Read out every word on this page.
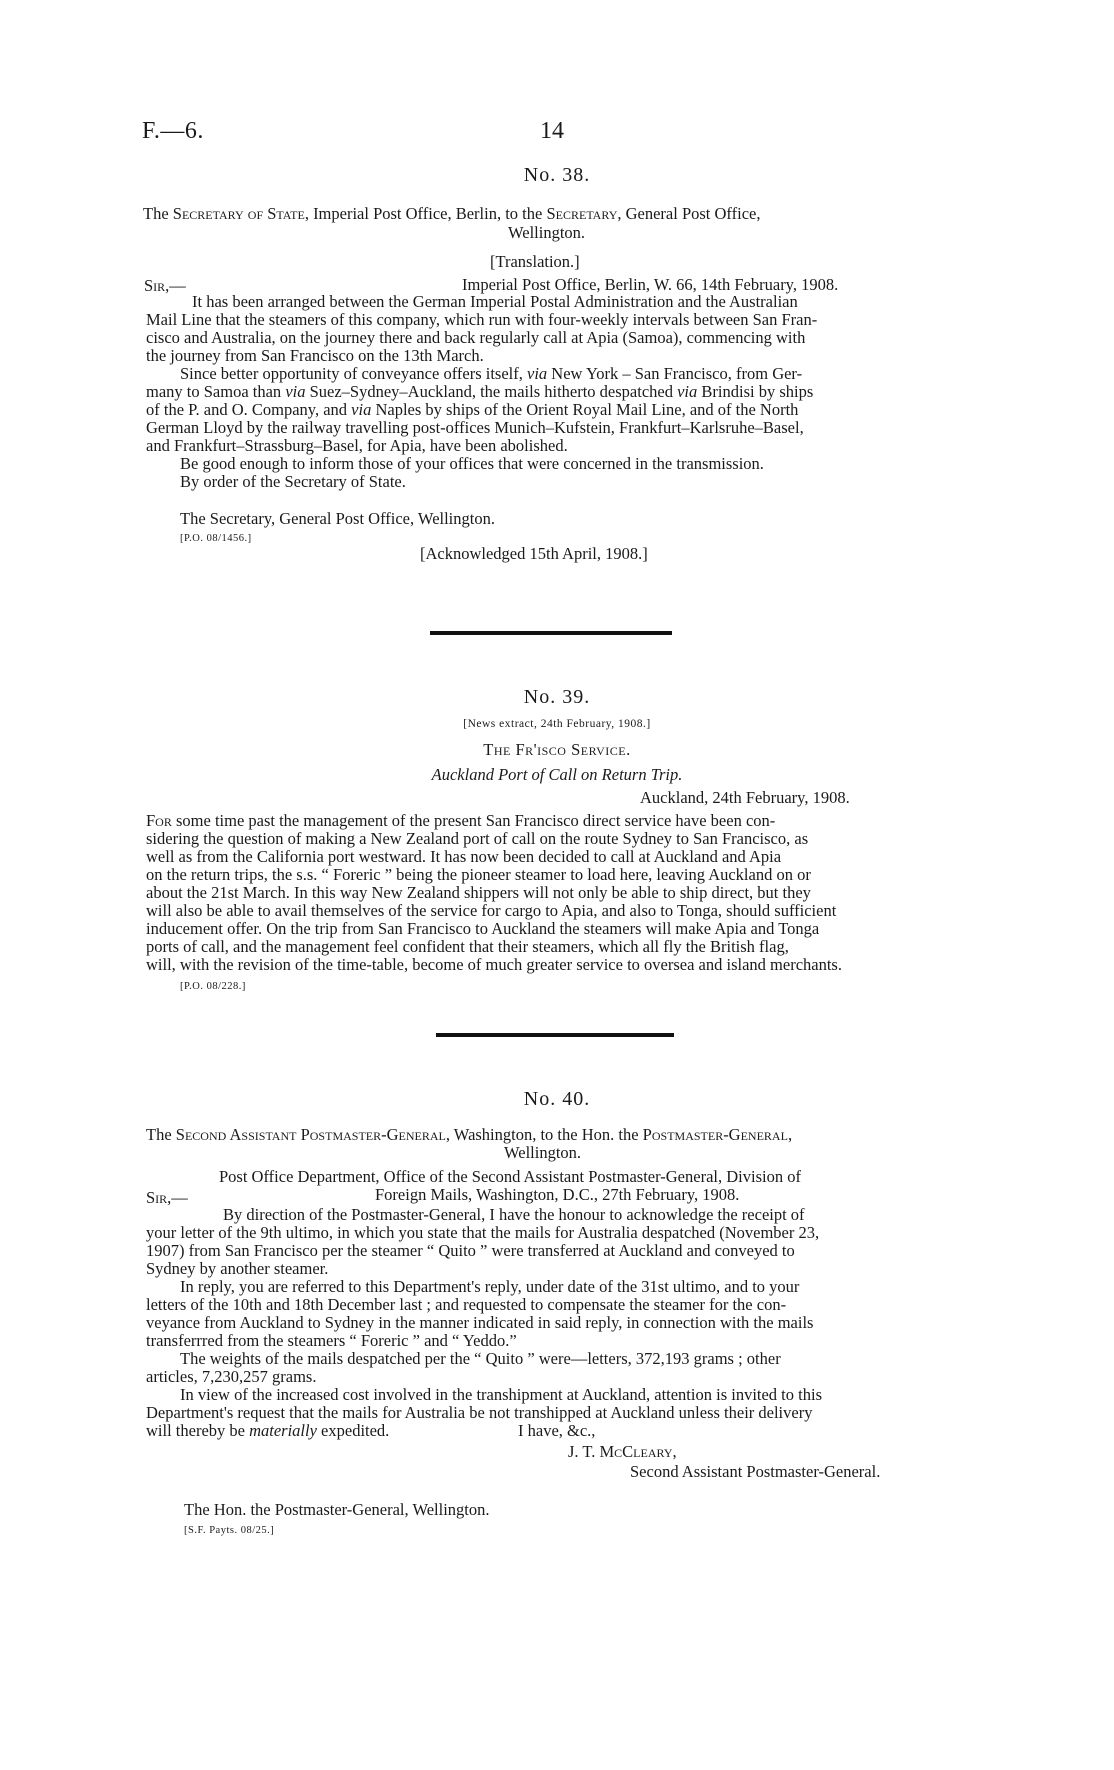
F.—6.	14
No. 38.
The Secretary of State, Imperial Post Office, Berlin, to the Secretary, General Post Office,
Wellington.
[Translation.]
Sir,—	Imperial Post Office, Berlin, W. 66, 14th February, 1908.
It has been arranged between the German Imperial Postal Administration and the Australian
Mail Line that the steamers of this company, which run with four-weekly intervals between San Fran-
cisco and Australia, on the journey there and back regularly call at Apia (Samoa), commencing with
the journey from San Francisco on the 13th March.
Since better opportunity of conveyance offers itself, via New York – San Francisco, from Ger-
many to Samoa than via Suez–Sydney–Auckland, the mails hitherto despatched via Brindisi by ships
of the P. and O. Company, and via Naples by ships of the Orient Royal Mail Line, and of the North
German Lloyd by the railway travelling post-offices Munich–Kufstein, Frankfurt–Karlsruhe–Basel,
and Frankfurt–Strassburg–Basel, for Apia, have been abolished.
Be good enough to inform those of your offices that were concerned in the transmission.
By order of the Secretary of State.
The Secretary, General Post Office, Wellington.
[P.O. 08/1456.]
[Acknowledged 15th April, 1908.]
No. 39.
[News extract, 24th February, 1908.]
The Fr'isco Service.
Auckland Port of Call on Return Trip.
Auckland, 24th February, 1908.
For some time past the management of the present San Francisco direct service have been con-
sidering the question of making a New Zealand port of call on the route Sydney to San Francisco, as
well as from the California port westward. It has now been decided to call at Auckland and Apia
on the return trips, the s.s. “ Foreric ” being the pioneer steamer to load here, leaving Auckland on or
about the 21st March. In this way New Zealand shippers will not only be able to ship direct, but they
will also be able to avail themselves of the service for cargo to Apia, and also to Tonga, should sufficient
inducement offer. On the trip from San Francisco to Auckland the steamers will make Apia and Tonga
ports of call, and the management feel confident that their steamers, which all fly the British flag,
will, with the revision of the time-table, become of much greater service to oversea and island merchants.
[P.O. 08/228.]
No. 40.
The Second Assistant Postmaster-General, Washington, to the Hon. the Postmaster-General,
Wellington.
Post Office Department, Office of the Second Assistant Postmaster-General, Division of
Sir,—	Foreign Mails, Washington, D.C., 27th February, 1908.
By direction of the Postmaster-General, I have the honour to acknowledge the receipt of
your letter of the 9th ultimo, in which you state that the mails for Australia despatched (November 23,
1907) from San Francisco per the steamer “ Quito ” were transferred at Auckland and conveyed to
Sydney by another steamer.
In reply, you are referred to this Department's reply, under date of the 31st ultimo, and to your
letters of the 10th and 18th December last ; and requested to compensate the steamer for the con-
veyance from Auckland to Sydney in the manner indicated in said reply, in connection with the mails
transferrred from the steamers “ Foreric ” and “ Yeddo.”
The weights of the mails despatched per the “ Quito ” were—letters, 372,193 grams ; other
articles, 7,230,257 grams.
In view of the increased cost involved in the transhipment at Auckland, attention is invited to this
Department's request that the mails for Australia be not transhipped at Auckland unless their delivery
will thereby be materially expedited.	I have, &c.,
J. T. McCleary,
Second Assistant Postmaster-General.
The Hon. the Postmaster-General, Wellington.
[S.F. Payts. 08/25.]
